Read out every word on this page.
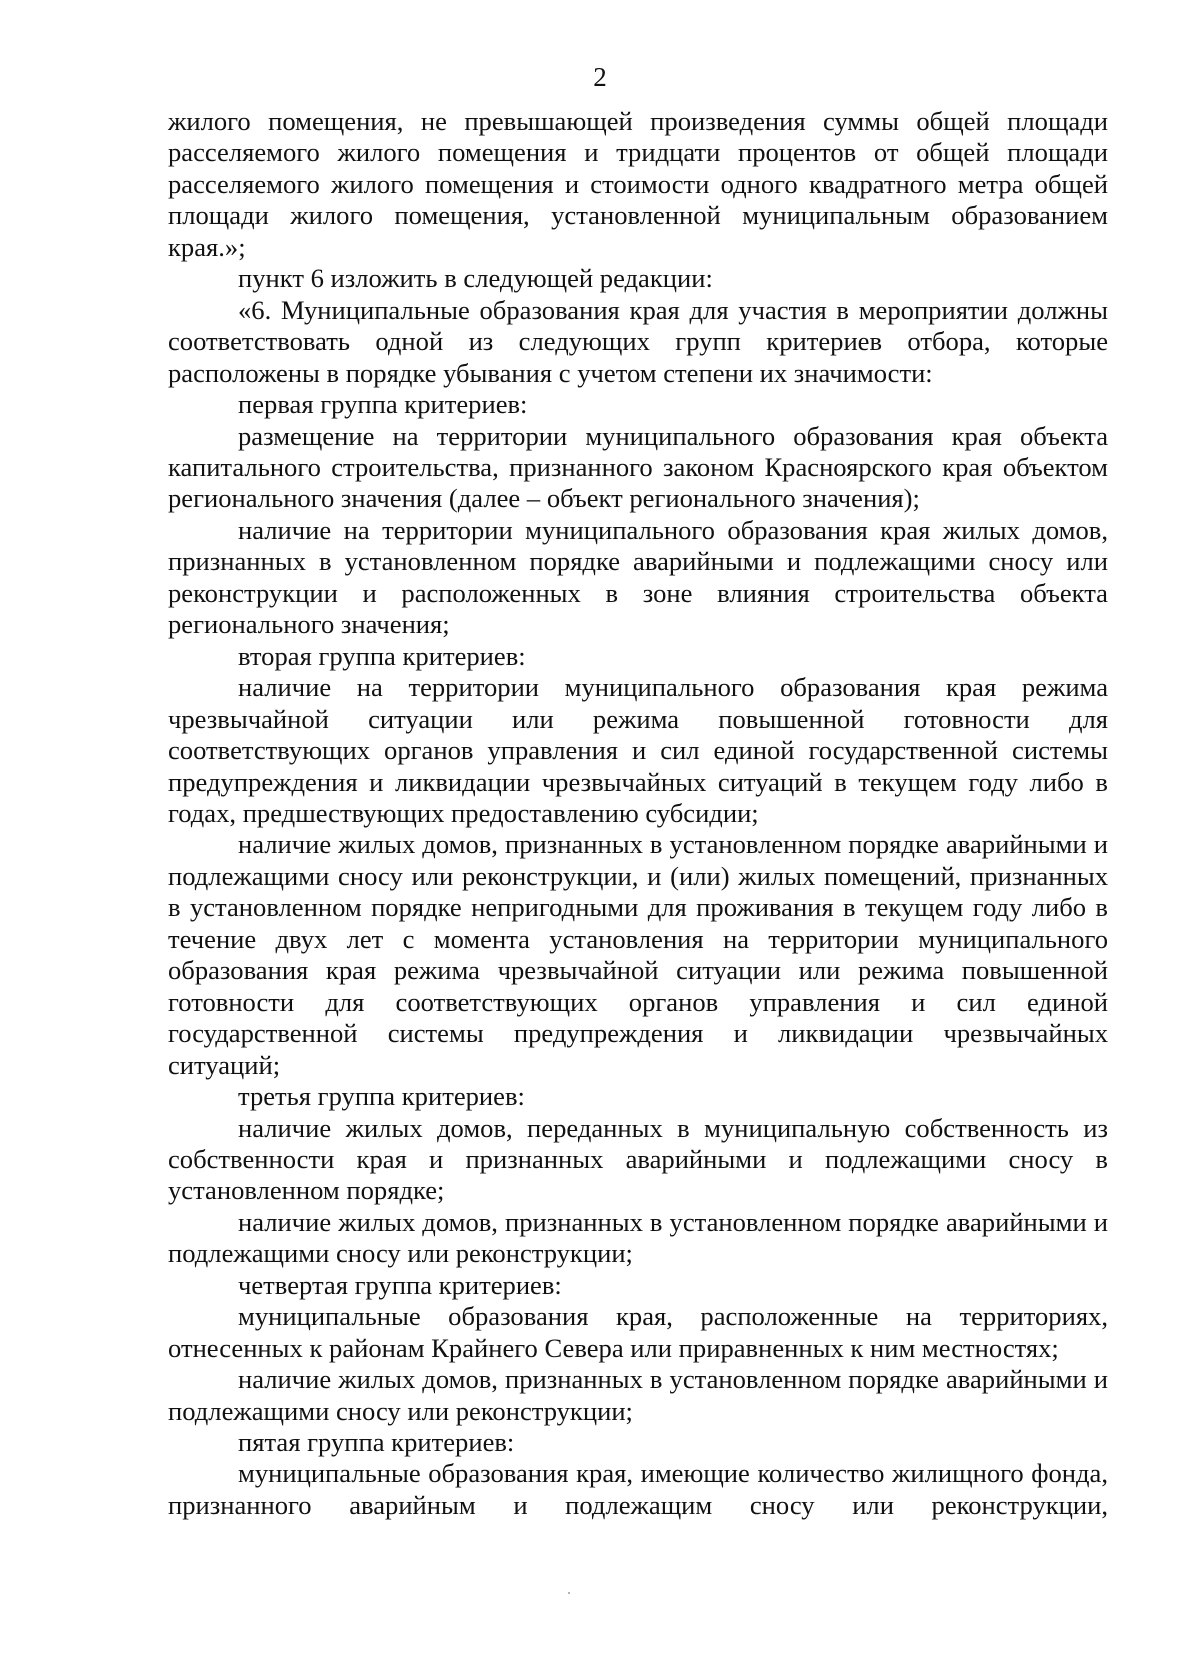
2

жилого помещения, не превышающей произведения суммы общей площади расселяемого жилого помещения и тридцати процентов от общей площади расселяемого жилого помещения и стоимости одного квадратного метра общей площади жилого помещения, установленной муниципальным образованием края.»;

пункт 6 изложить в следующей редакции:

«6. Муниципальные образования края для участия в мероприятии должны соответствовать одной из следующих групп критериев отбора, которые расположены в порядке убывания с учетом степени их значимости:

первая группа критериев:

размещение на территории муниципального образования края объекта капитального строительства, признанного законом Красноярского края объектом регионального значения (далее – объект регионального значения);

наличие на территории муниципального образования края жилых домов, признанных в установленном порядке аварийными и подлежащими сносу или реконструкции и расположенных в зоне влияния строительства объекта регионального значения;

вторая группа критериев:

наличие на территории муниципального образования края режима чрезвычайной ситуации или режима повышенной готовности для соответствующих органов управления и сил единой государственной системы предупреждения и ликвидации чрезвычайных ситуаций в текущем году либо в годах, предшествующих предоставлению субсидии;

наличие жилых домов, признанных в установленном порядке аварийными и подлежащими сносу или реконструкции, и (или) жилых помещений, признанных в установленном порядке непригодными для проживания в текущем году либо в течение двух лет с момента установления на территории муниципального образования края режима чрезвычайной ситуации или режима повышенной готовности для соответствующих органов управления и сил единой государственной системы предупреждения и ликвидации чрезвычайных ситуаций;

третья группа критериев:

наличие жилых домов, переданных в муниципальную собственность из собственности края и признанных аварийными и подлежащими сносу в установленном порядке;

наличие жилых домов, признанных в установленном порядке аварийными и подлежащими сносу или реконструкции;

четвертая группа критериев:

муниципальные образования края, расположенные на территориях, отнесенных к районам Крайнего Севера или приравненных к ним местностях;

наличие жилых домов, признанных в установленном порядке аварийными и подлежащими сносу или реконструкции;

пятая группа критериев:

муниципальные образования края, имеющие количество жилищного фонда, признанного аварийным и подлежащим сносу или реконструкции,
